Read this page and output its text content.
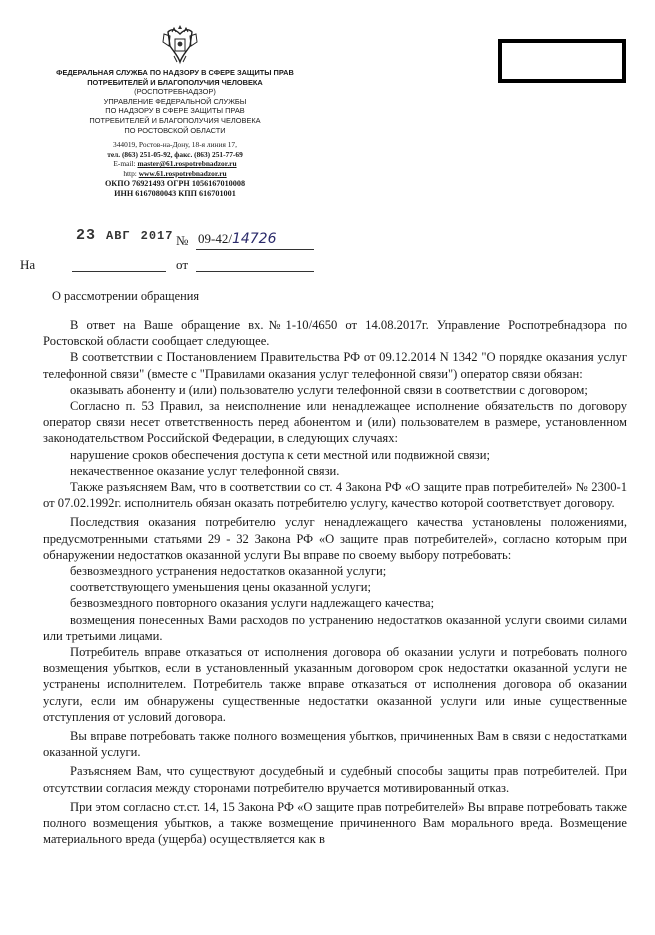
ФЕДЕРАЛЬНАЯ СЛУЖБА ПО НАДЗОРУ В СФЕРЕ ЗАЩИТЫ ПРАВ
ПОТРЕБИТЕЛЕЙ И БЛАГОПОЛУЧИЯ ЧЕЛОВЕКА
(РОСПОТРЕБНАДЗОР)
УПРАВЛЕНИЕ ФЕДЕРАЛЬНОЙ СЛУЖБЫ
ПО НАДЗОРУ В СФЕРЕ ЗАЩИТЫ ПРАВ
ПОТРЕБИТЕЛЕЙ И БЛАГОПОЛУЧИЯ ЧЕЛОВЕКА
ПО РОСТОВСКОЙ ОБЛАСТИ
344019, Ростов-на-Дону, 18-я линия 17,
тел. (863) 251-05-92, факс. (863) 251-77-69
E-mail: master@61.rospotrebnadzor.ru
http: www.61.rospotrebnadzor.ru
ОКПО 76921493 ОГРН 1056167010008
ИНН 6167080043 КПП 616701001
23 АВГ 2017 № 09-42/14726
На	от
О рассмотрении обращения

В ответ на Ваше обращение вх.№1-10/4650 от 14.08.2017г. Управление Роспотребнадзора по Ростовской области сообщает следующее.

В соответствии с Постановлением Правительства РФ от 09.12.2014 N 1342 "О порядке оказания услуг телефонной связи" (вместе с "Правилами оказания услуг телефонной связи") оператор связи обязан:

оказывать абоненту и (или) пользователю услуги телефонной связи в соответствии с договором;

Согласно п. 53 Правил, за неисполнение или ненадлежащее исполнение обязательств по договору оператор связи несет ответственность перед абонентом и (или) пользователем в размере, установленном законодательством Российской Федерации, в следующих случаях:

нарушение сроков обеспечения доступа к сети местной или подвижной связи;

некачественное оказание услуг телефонной связи.

Также разъясняем Вам, что в соответствии со ст. 4 Закона РФ «О защите прав потребителей» № 2300-1 от 07.02.1992г. исполнитель обязан оказать потребителю услугу, качество которой соответствует договору.

Последствия оказания потребителю услуг ненадлежащего качества установлены положениями, предусмотренными статьями 29 - 32 Закона РФ «О защите прав потребителей», согласно которым при обнаружении недостатков оказанной услуги Вы вправе по своему выбору потребовать:

безвозмездного устранения недостатков оказанной услуги;

соответствующего уменьшения цены оказанной услуги;

безвозмездного повторного оказания услуги надлежащего качества;

возмещения понесенных Вами расходов по устранению недостатков оказанной услуги своими силами или третьими лицами.

Потребитель вправе отказаться от исполнения договора об оказании услуги и потребовать полного возмещения убытков, если в установленный указанным договором срок недостатки оказанной услуги не устранены исполнителем. Потребитель также вправе отказаться от исполнения договора об оказании услуги, если им обнаружены существенные недостатки оказанной услуги или иные существенные отступления от условий договора.

Вы вправе потребовать также полного возмещения убытков, причиненных Вам в связи с недостатками оказанной услуги.

Разъясняем Вам, что существуют досудебный и судебный способы защиты прав потребителей. При отсутствии согласия между сторонами потребителю вручается мотивированный отказ.

При этом согласно ст.ст. 14, 15 Закона РФ «О защите прав потребителей» Вы вправе потребовать также полного возмещения убытков, а также возмещение причиненного Вам морального вреда. Возмещение материального вреда (ущерба) осуществляется как в
